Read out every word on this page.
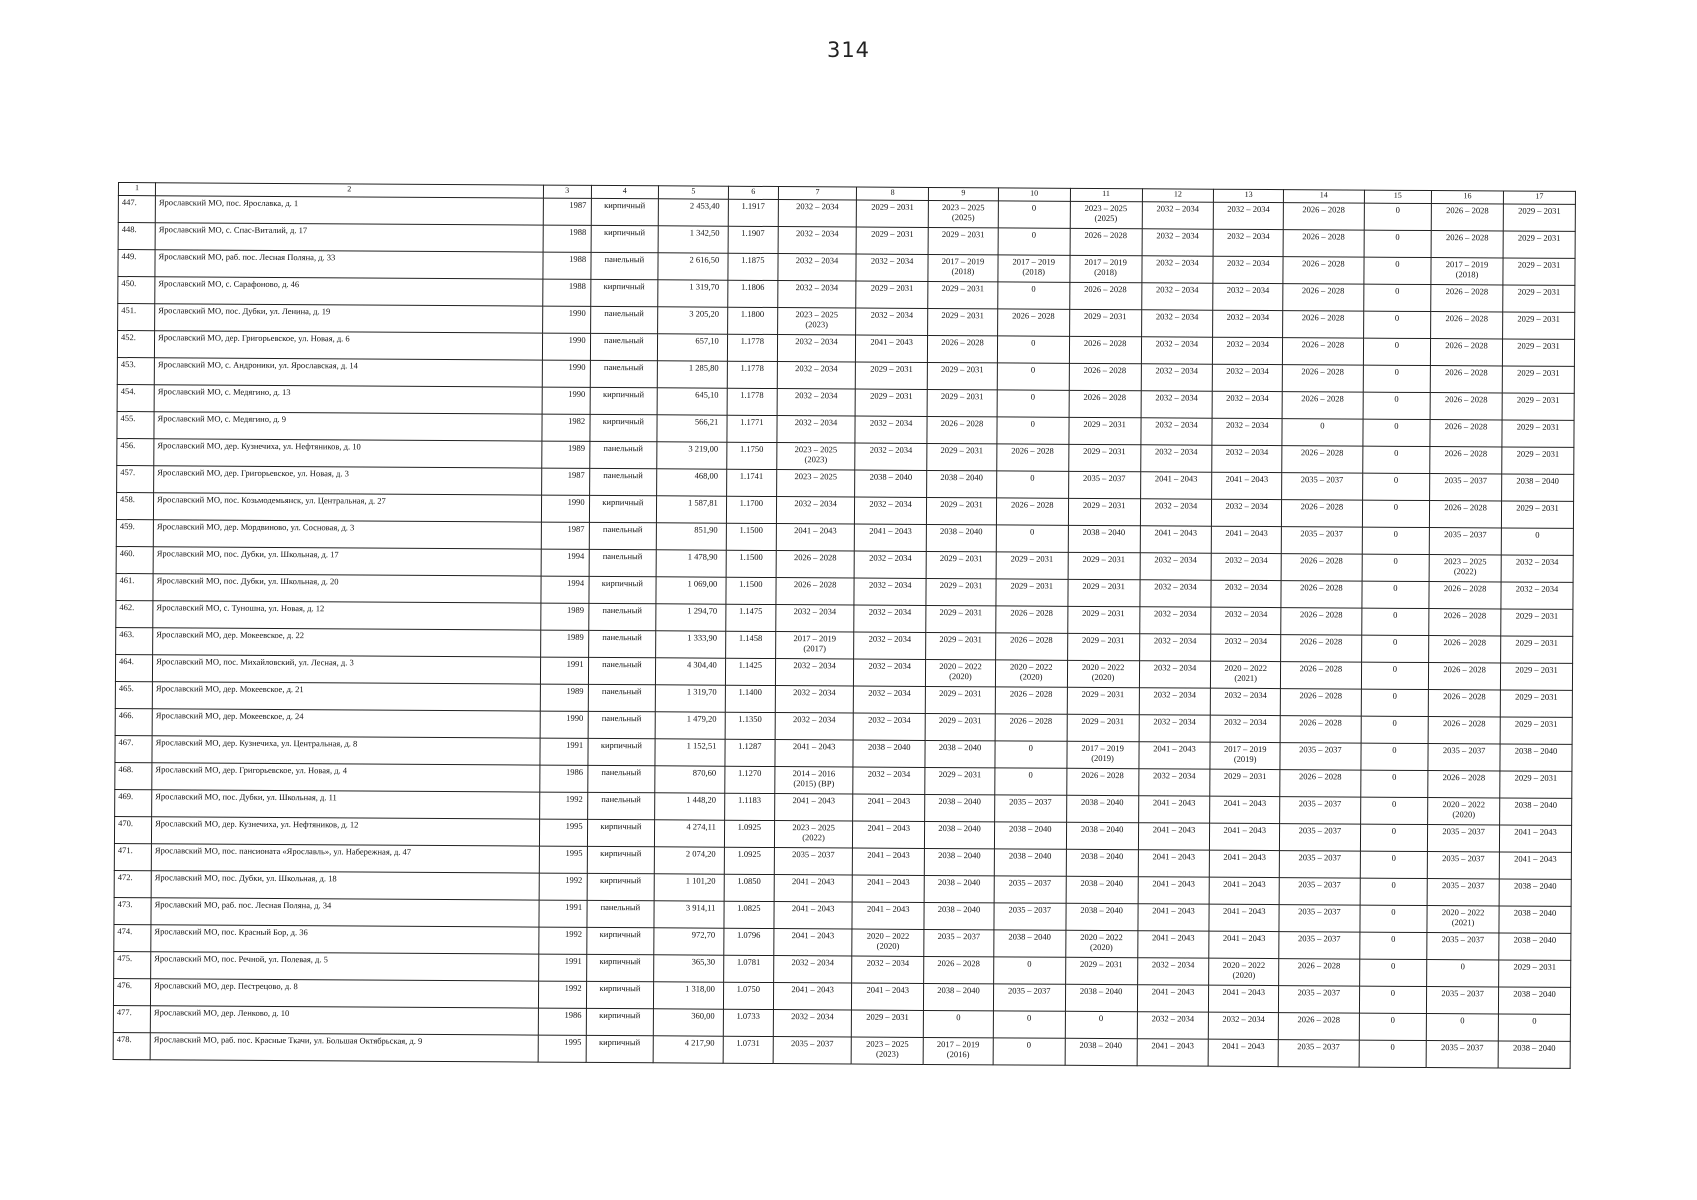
314
1	2	3	4	5	6	7	8	9	10	11	12	13	14	15	16	17
447.	Ярославский МО, пос. Ярославка, д. 1	1987	кирпичный	2 453,40	1.1917	2032 – 2034	2029 – 2031	2023 – 2025
(2025)	0	2023 – 2025
(2025)	2032 – 2034	2032 – 2034	2026 – 2028	0	2026 – 2028	2029 – 2031
448.	Ярославский МО, с. Спас-Виталий, д. 17	1988	кирпичный	1 342,50	1.1907	2032 – 2034	2029 – 2031	2029 – 2031	0	2026 – 2028	2032 – 2034	2032 – 2034	2026 – 2028	0	2026 – 2028	2029 – 2031
449.	Ярославский МО, раб. пос. Лесная Поляна, д. 33	1988	панельный	2 616,50	1.1875	2032 – 2034	2032 – 2034	2017 – 2019
(2018)	2017 – 2019
(2018)	2017 – 2019
(2018)	2032 – 2034	2032 – 2034	2026 – 2028	0	2017 – 2019
(2018)	2029 – 2031
450.	Ярославский МО, с. Сарафоново, д. 46	1988	кирпичный	1 319,70	1.1806	2032 – 2034	2029 – 2031	2029 – 2031	0	2026 – 2028	2032 – 2034	2032 – 2034	2026 – 2028	0	2026 – 2028	2029 – 2031
451.	Ярославский МО, пос. Дубки, ул. Ленина, д. 19	1990	панельный	3 205,20	1.1800	2023 – 2025
(2023)	2032 – 2034	2029 – 2031	2026 – 2028	2029 – 2031	2032 – 2034	2032 – 2034	2026 – 2028	0	2026 – 2028	2029 – 2031
452.	Ярославский МО, дер. Григорьевское, ул. Новая, д. 6	1990	панельный	657,10	1.1778	2032 – 2034	2041 – 2043	2026 – 2028	0	2026 – 2028	2032 – 2034	2032 – 2034	2026 – 2028	0	2026 – 2028	2029 – 2031
453.	Ярославский МО, с. Андроники, ул. Ярославская, д. 14	1990	панельный	1 285,80	1.1778	2032 – 2034	2029 – 2031	2029 – 2031	0	2026 – 2028	2032 – 2034	2032 – 2034	2026 – 2028	0	2026 – 2028	2029 – 2031
454.	Ярославский МО, с. Медягино, д. 13	1990	кирпичный	645,10	1.1778	2032 – 2034	2029 – 2031	2029 – 2031	0	2026 – 2028	2032 – 2034	2032 – 2034	2026 – 2028	0	2026 – 2028	2029 – 2031
455.	Ярославский МО, с. Медягино, д. 9	1982	кирпичный	566,21	1.1771	2032 – 2034	2032 – 2034	2026 – 2028	0	2029 – 2031	2032 – 2034	2032 – 2034	0	0	2026 – 2028	2029 – 2031
456.	Ярославский МО, дер. Кузнечиха, ул. Нефтяников, д. 10	1989	панельный	3 219,00	1.1750	2023 – 2025
(2023)	2032 – 2034	2029 – 2031	2026 – 2028	2029 – 2031	2032 – 2034	2032 – 2034	2026 – 2028	0	2026 – 2028	2029 – 2031
457.	Ярославский МО, дер. Григорьевское, ул. Новая, д. 3	1987	панельный	468,00	1.1741	2023 – 2025	2038 – 2040	2038 – 2040	0	2035 – 2037	2041 – 2043	2041 – 2043	2035 – 2037	0	2035 – 2037	2038 – 2040
458.	Ярославский МО, пос. Козьмодемьянск, ул. Центральная, д. 27	1990	кирпичный	1 587,81	1.1700	2032 – 2034	2032 – 2034	2029 – 2031	2026 – 2028	2029 – 2031	2032 – 2034	2032 – 2034	2026 – 2028	0	2026 – 2028	2029 – 2031
459.	Ярославский МО, дер. Мордвиново, ул. Сосновая, д. 3	1987	панельный	851,90	1.1500	2041 – 2043	2041 – 2043	2038 – 2040	0	2038 – 2040	2041 – 2043	2041 – 2043	2035 – 2037	0	2035 – 2037	0
460.	Ярославский МО, пос. Дубки, ул. Школьная, д. 17	1994	панельный	1 478,90	1.1500	2026 – 2028	2032 – 2034	2029 – 2031	2029 – 2031	2029 – 2031	2032 – 2034	2032 – 2034	2026 – 2028	0	2023 – 2025
(2022)	2032 – 2034
461.	Ярославский МО, пос. Дубки, ул. Школьная, д. 20	1994	кирпичный	1 069,00	1.1500	2026 – 2028	2032 – 2034	2029 – 2031	2029 – 2031	2029 – 2031	2032 – 2034	2032 – 2034	2026 – 2028	0	2026 – 2028	2032 – 2034
462.	Ярославский МО, с. Туношна, ул. Новая, д. 12	1989	панельный	1 294,70	1.1475	2032 – 2034	2032 – 2034	2029 – 2031	2026 – 2028	2029 – 2031	2032 – 2034	2032 – 2034	2026 – 2028	0	2026 – 2028	2029 – 2031
463.	Ярославский МО, дер. Мокеевское, д. 22	1989	панельный	1 333,90	1.1458	2017 – 2019
(2017)	2032 – 2034	2029 – 2031	2026 – 2028	2029 – 2031	2032 – 2034	2032 – 2034	2026 – 2028	0	2026 – 2028	2029 – 2031
464.	Ярославский МО, пос. Михайловский, ул. Лесная, д. 3	1991	панельный	4 304,40	1.1425	2032 – 2034	2032 – 2034	2020 – 2022
(2020)	2020 – 2022
(2020)	2020 – 2022
(2020)	2032 – 2034	2020 – 2022
(2021)	2026 – 2028	0	2026 – 2028	2029 – 2031
465.	Ярославский МО, дер. Мокеевское, д. 21	1989	панельный	1 319,70	1.1400	2032 – 2034	2032 – 2034	2029 – 2031	2026 – 2028	2029 – 2031	2032 – 2034	2032 – 2034	2026 – 2028	0	2026 – 2028	2029 – 2031
466.	Ярославский МО, дер. Мокеевское, д. 24	1990	панельный	1 479,20	1.1350	2032 – 2034	2032 – 2034	2029 – 2031	2026 – 2028	2029 – 2031	2032 – 2034	2032 – 2034	2026 – 2028	0	2026 – 2028	2029 – 2031
467.	Ярославский МО, дер. Кузнечиха, ул. Центральная, д. 8	1991	кирпичный	1 152,51	1.1287	2041 – 2043	2038 – 2040	2038 – 2040	0	2017 – 2019
(2019)	2041 – 2043	2017 – 2019
(2019)	2035 – 2037	0	2035 – 2037	2038 – 2040
468.	Ярославский МО, дер. Григорьевское, ул. Новая, д. 4	1986	панельный	870,60	1.1270	2014 – 2016
(2015) (ВР)	2032 – 2034	2029 – 2031	0	2026 – 2028	2032 – 2034	2029 – 2031	2026 – 2028	0	2026 – 2028	2029 – 2031
469.	Ярославский МО, пос. Дубки, ул. Школьная, д. 11	1992	панельный	1 448,20	1.1183	2041 – 2043	2041 – 2043	2038 – 2040	2035 – 2037	2038 – 2040	2041 – 2043	2041 – 2043	2035 – 2037	0	2020 – 2022
(2020)	2038 – 2040
470.	Ярославский МО, дер. Кузнечиха, ул. Нефтяников, д. 12	1995	кирпичный	4 274,11	1.0925	2023 – 2025
(2022)	2041 – 2043	2038 – 2040	2038 – 2040	2038 – 2040	2041 – 2043	2041 – 2043	2035 – 2037	0	2035 – 2037	2041 – 2043
471.	Ярославский МО, пос. пансионата «Ярославль», ул. Набережная, д. 47	1995	кирпичный	2 074,20	1.0925	2035 – 2037	2041 – 2043	2038 – 2040	2038 – 2040	2038 – 2040	2041 – 2043	2041 – 2043	2035 – 2037	0	2035 – 2037	2041 – 2043
472.	Ярославский МО, пос. Дубки, ул. Школьная, д. 18	1992	кирпичный	1 101,20	1.0850	2041 – 2043	2041 – 2043	2038 – 2040	2035 – 2037	2038 – 2040	2041 – 2043	2041 – 2043	2035 – 2037	0	2035 – 2037	2038 – 2040
473.	Ярославский МО, раб. пос. Лесная Поляна, д. 34	1991	панельный	3 914,11	1.0825	2041 – 2043	2041 – 2043	2038 – 2040	2035 – 2037	2038 – 2040	2041 – 2043	2041 – 2043	2035 – 2037	0	2020 – 2022
(2021)	2038 – 2040
474.	Ярославский МО, пос. Красный Бор, д. 36	1992	кирпичный	972,70	1.0796	2041 – 2043	2020 – 2022
(2020)	2035 – 2037	2038 – 2040	2020 – 2022
(2020)	2041 – 2043	2041 – 2043	2035 – 2037	0	2035 – 2037	2038 – 2040
475.	Ярославский МО, пос. Речной, ул. Полевая, д. 5	1991	кирпичный	365,30	1.0781	2032 – 2034	2032 – 2034	2026 – 2028	0	2029 – 2031	2032 – 2034	2020 – 2022
(2020)	2026 – 2028	0	0	2029 – 2031
476.	Ярославский МО, дер. Пестрецово, д. 8	1992	кирпичный	1 318,00	1.0750	2041 – 2043	2041 – 2043	2038 – 2040	2035 – 2037	2038 – 2040	2041 – 2043	2041 – 2043	2035 – 2037	0	2035 – 2037	2038 – 2040
477.	Ярославский МО, дер. Ленково, д. 10	1986	кирпичный	360,00	1.0733	2032 – 2034	2029 – 2031	0	0	0	2032 – 2034	2032 – 2034	2026 – 2028	0	0	0
478.	Ярославский МО, раб. пос. Красные Ткачи, ул. Большая Октябрьская, д. 9	1995	кирпичный	4 217,90	1.0731	2035 – 2037	2023 – 2025
(2023)	2017 – 2019
(2016)	0	2038 – 2040	2041 – 2043	2041 – 2043	2035 – 2037	0	2035 – 2037	2038 – 2040
